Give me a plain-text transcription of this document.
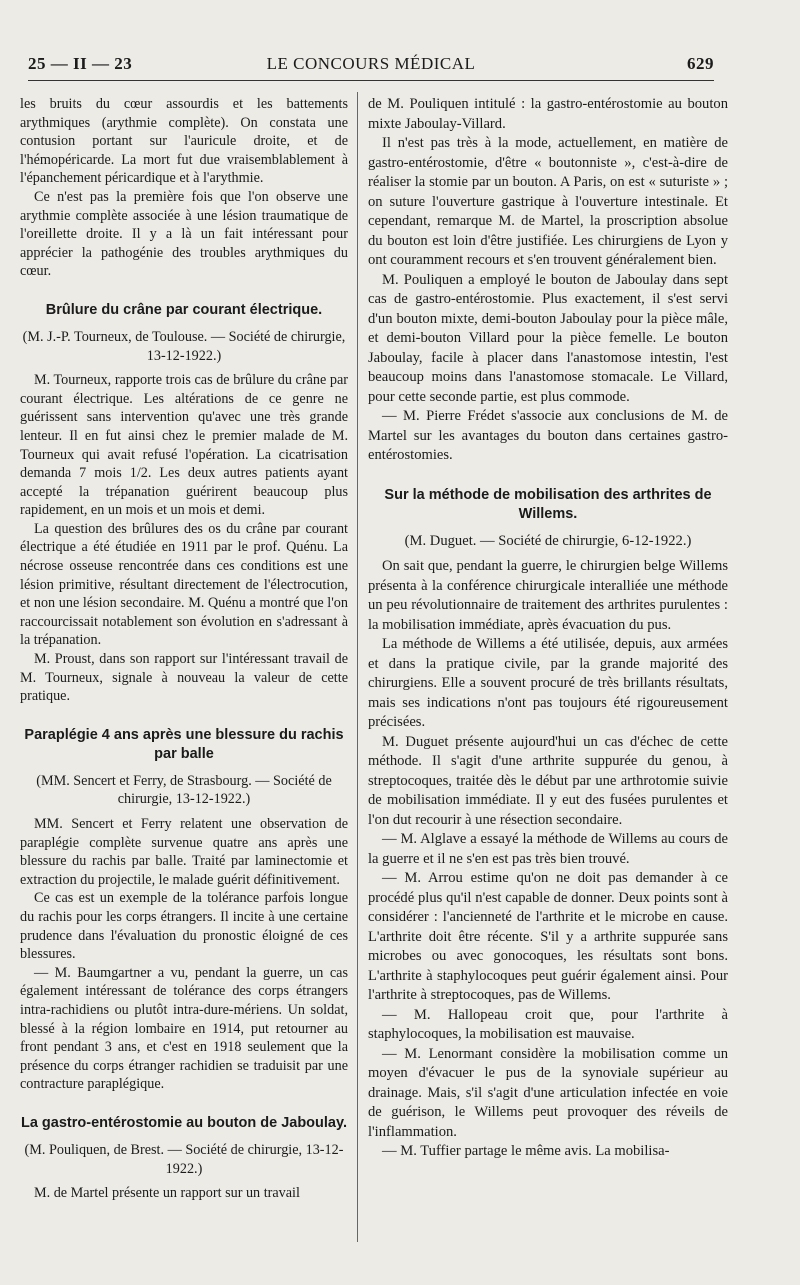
25 — II — 23	LE CONCOURS MÉDICAL	629

les bruits du cœur assourdis et les battements arythmiques (arythmie complète). On constata une contusion portant sur l'auricule droite, et de l'hémopéricarde. La mort fut due vraisemblablement à l'épanchement péricardique et à l'arythmie.

Ce n'est pas la première fois que l'on observe une arythmie complète associée à une lésion traumatique de l'oreillette droite. Il y a là un fait intéressant pour apprécier la pathogénie des troubles arythmiques du cœur.

Brûlure du crâne par courant électrique.

(M. J.-P. Tourneux, de Toulouse. — Société de chirurgie, 13-12-1922.)

M. Tourneux, rapporte trois cas de brûlure du crâne par courant électrique. Les altérations de ce genre ne guérissent sans intervention qu'avec une très grande lenteur. Il en fut ainsi chez le premier malade de M. Tourneux qui avait refusé l'opération. La cicatrisation demanda 7 mois 1/2. Les deux autres patients ayant accepté la trépanation guérirent beaucoup plus rapidement, en un mois et un mois et demi.

La question des brûlures des os du crâne par courant électrique a été étudiée en 1911 par le prof. Quénu. La nécrose osseuse rencontrée dans ces conditions est une lésion primitive, résultant directement de l'électrocution, et non une lésion secondaire. M. Quénu a montré que l'on raccourcissait notablement son évolution en s'adressant à la trépanation.

M. Proust, dans son rapport sur l'intéressant travail de M. Tourneux, signale à nouveau la valeur de cette pratique.

Paraplégie 4 ans après une blessure du rachis par balle

(MM. Sencert et Ferry, de Strasbourg. — Société de chirurgie, 13-12-1922.)

MM. Sencert et Ferry relatent une observation de paraplégie complète survenue quatre ans après une blessure du rachis par balle. Traité par laminectomie et extraction du projectile, le malade guérit définitivement.

Ce cas est un exemple de la tolérance parfois longue du rachis pour les corps étrangers. Il incite à une certaine prudence dans l'évaluation du pronostic éloigné de ces blessures.

— M. Baumgartner a vu, pendant la guerre, un cas également intéressant de tolérance des corps étrangers intra-rachidiens ou plutôt intra-dure-mériens. Un soldat, blessé à la région lombaire en 1914, put retourner au front pendant 3 ans, et c'est en 1918 seulement que la présence du corps étranger rachidien se traduisit par une contracture paraplégique.

La gastro-entérostomie au bouton de Jaboulay.

(M. Pouliquen, de Brest. — Société de chirurgie, 13-12-1922.)

M. de Martel présente un rapport sur un travail

de M. Pouliquen intitulé : la gastro-entérostomie au bouton mixte Jaboulay-Villard.

Il n'est pas très à la mode, actuellement, en matière de gastro-entérostomie, d'être « boutonniste », c'est-à-dire de réaliser la stomie par un bouton. A Paris, on est « suturiste » ; on suture l'ouverture gastrique à l'ouverture intestinale. Et cependant, remarque M. de Martel, la proscription absolue du bouton est loin d'être justifiée. Les chirurgiens de Lyon y ont couramment recours et s'en trouvent généralement bien.

M. Pouliquen a employé le bouton de Jaboulay dans sept cas de gastro-entérostomie. Plus exactement, il s'est servi d'un bouton mixte, demi-bouton Jaboulay pour la pièce mâle, et demi-bouton Villard pour la pièce femelle. Le bouton Jaboulay, facile à placer dans l'anastomose intestin, l'est beaucoup moins dans l'anastomose stomacale. Le Villard, pour cette seconde partie, est plus commode.

— M. Pierre Frédet s'associe aux conclusions de M. de Martel sur les avantages du bouton dans certaines gastro-entérostomies.

Sur la méthode de mobilisation des arthrites de Willems.

(M. Duguet. — Société de chirurgie, 6-12-1922.)

On sait que, pendant la guerre, le chirurgien belge Willems présenta à la conférence chirurgicale interalliée une méthode un peu révolutionnaire de traitement des arthrites purulentes : la mobilisation immédiate, après évacuation du pus.

La méthode de Willems a été utilisée, depuis, aux armées et dans la pratique civile, par la grande majorité des chirurgiens. Elle a souvent procuré de très brillants résultats, mais ses indications n'ont pas toujours été rigoureusement précisées.

M. Duguet présente aujourd'hui un cas d'échec de cette méthode. Il s'agit d'une arthrite suppurée du genou, à streptocoques, traitée dès le début par une arthrotomie suivie de mobilisation immédiate. Il y eut des fusées purulentes et l'on dut recourir à une résection secondaire.

— M. Alglave a essayé la méthode de Willems au cours de la guerre et il ne s'en est pas très bien trouvé.

— M. Arrou estime qu'on ne doit pas demander à ce procédé plus qu'il n'est capable de donner. Deux points sont à considérer : l'ancienneté de l'arthrite et le microbe en cause. L'arthrite doit être récente. S'il y a arthrite suppurée sans microbes ou avec gonocoques, les résultats sont bons. L'arthrite à staphylocoques peut guérir également ainsi. Pour l'arthrite à streptocoques, pas de Willems.

— M. Hallopeau croit que, pour l'arthrite à staphylocoques, la mobilisation est mauvaise.

— M. Lenormant considère la mobilisation comme un moyen d'évacuer le pus de la synoviale supérieur au drainage. Mais, s'il s'agit d'une articulation infectée en voie de guérison, le Willems peut provoquer des réveils de l'inflammation.

— M. Tuffier partage le même avis. La mobilisa-
